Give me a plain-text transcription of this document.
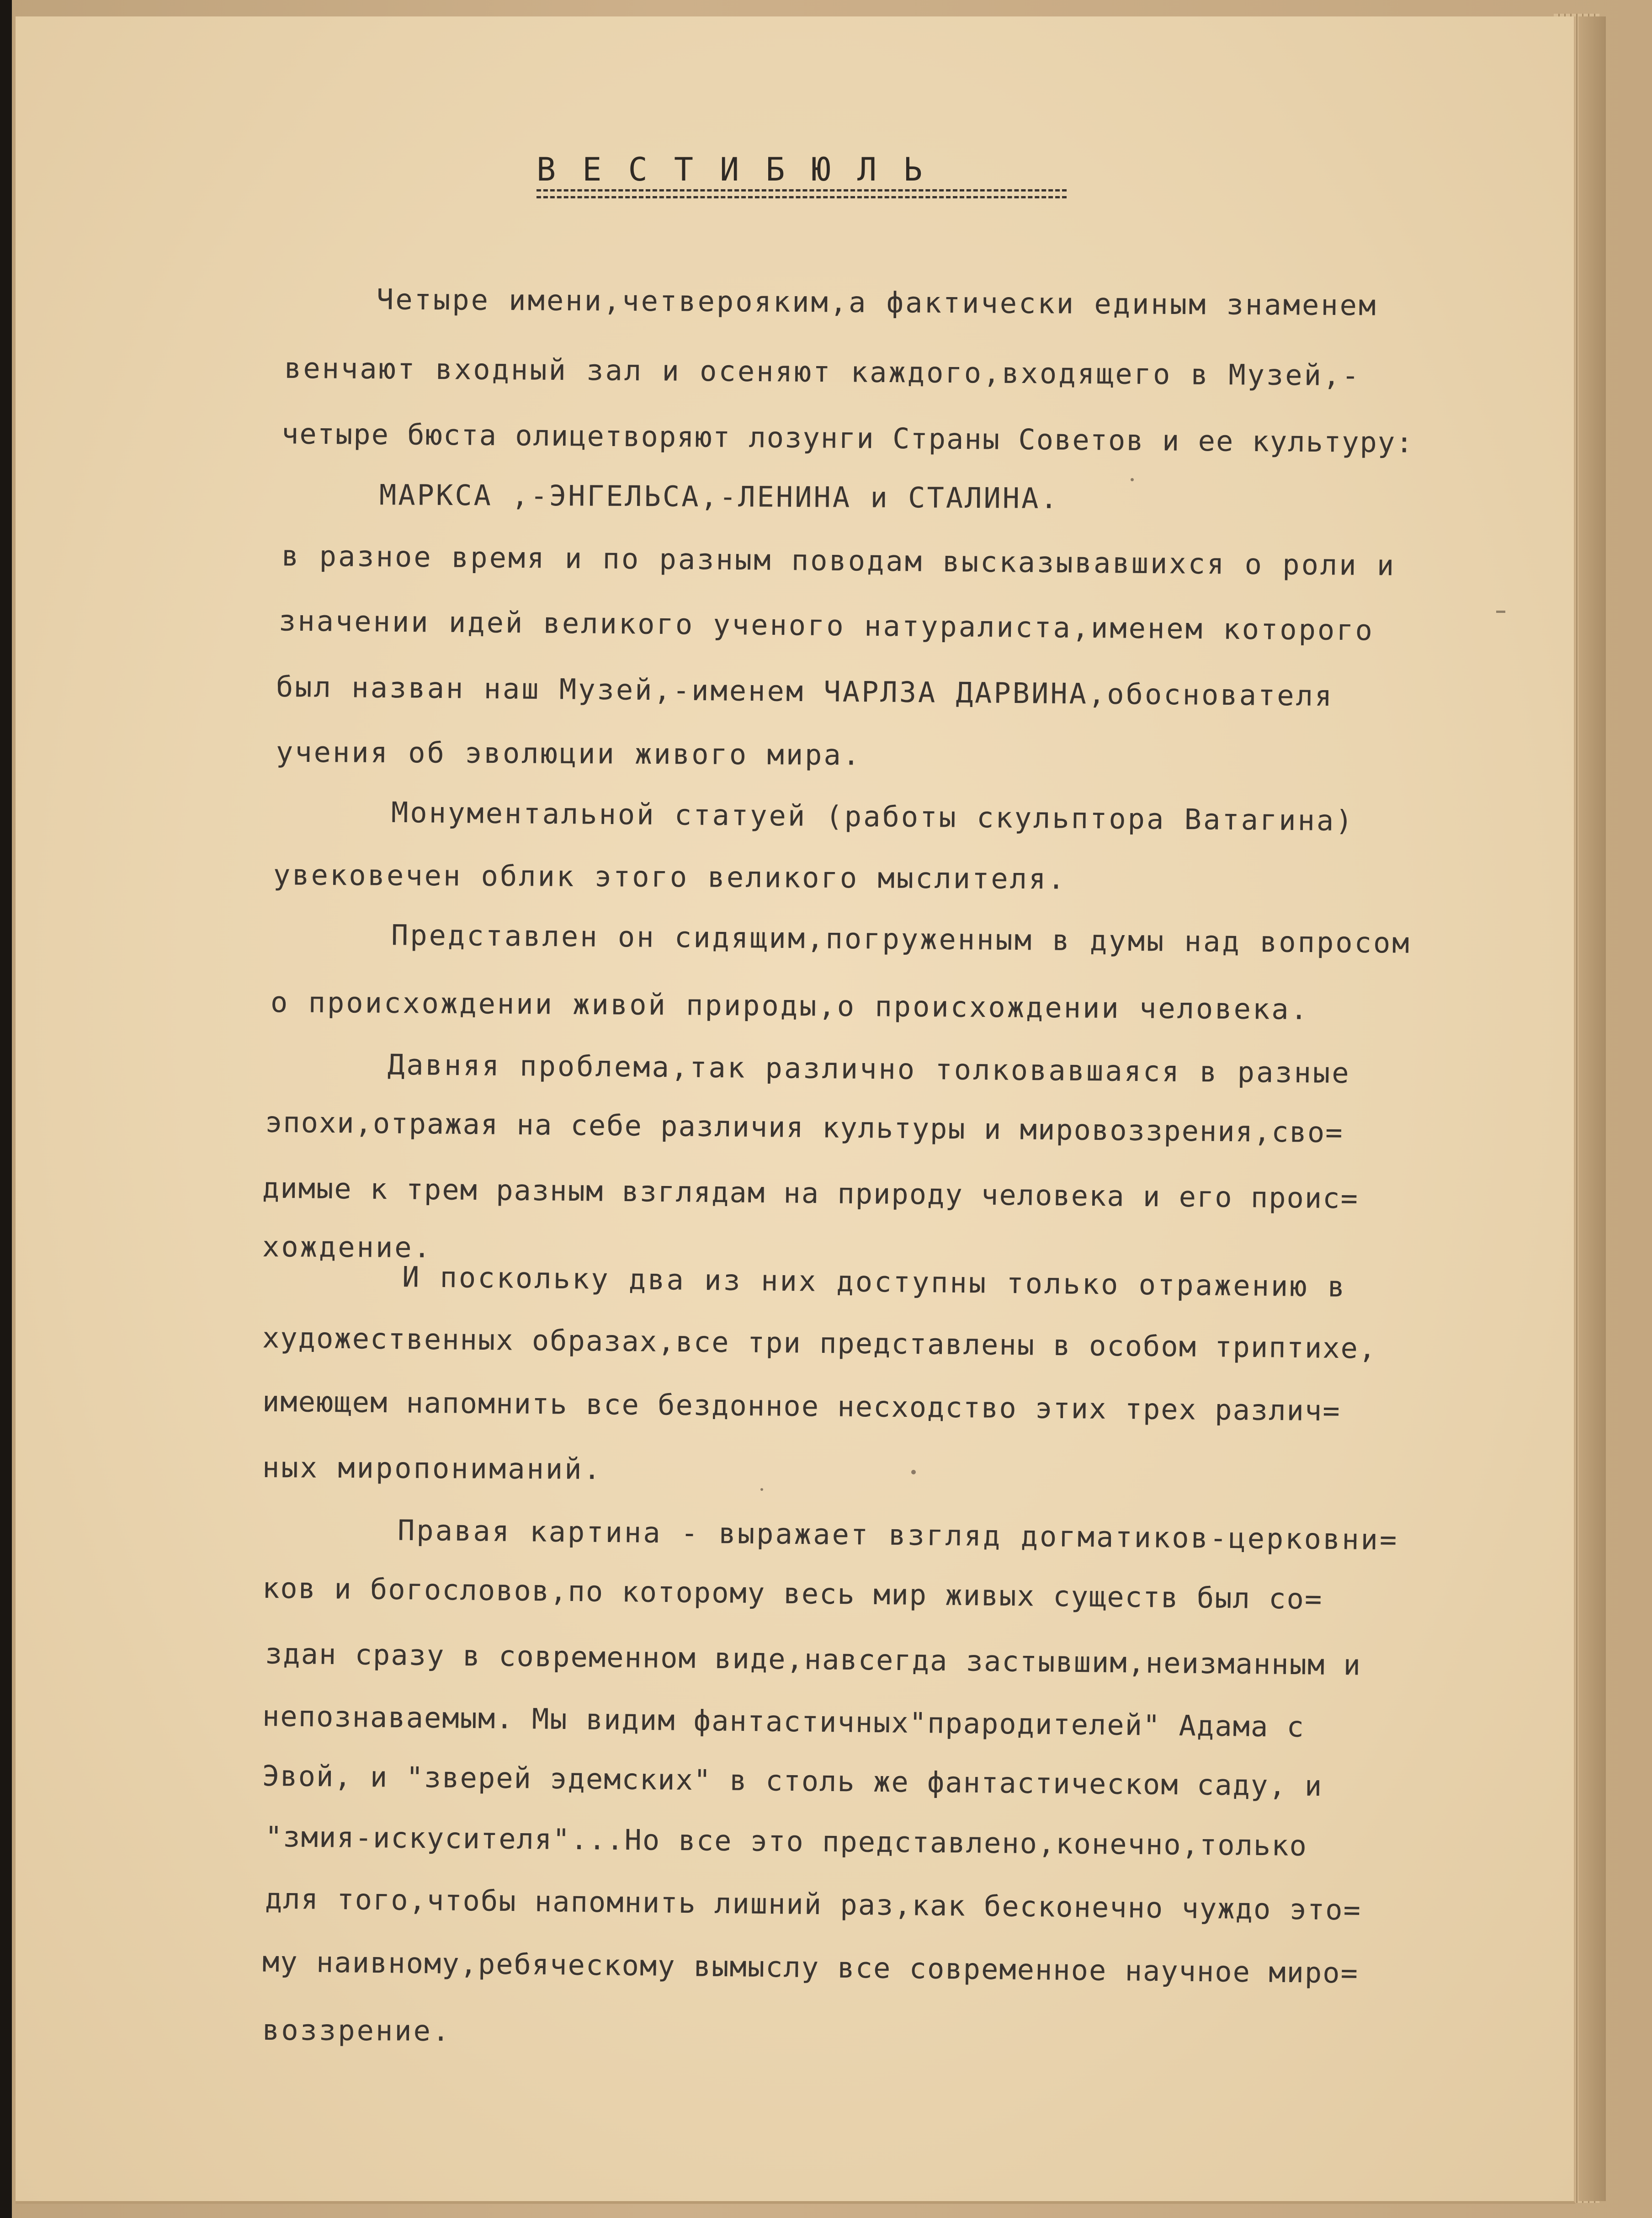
В Е С Т И Б Ю Л Ь
Четыре имени,четверояким,а фактически единым знаменем
венчают входный зал и осеняют каждого,входящего в Музей,-
четыре бюста олицетворяют лозунги Страны Советов и ее культуру:
МАРКСА ,-ЭНГЕЛЬСА,-ЛЕНИНА и СТАЛИНА.
в разное время и по разным поводам высказывавшихся о роли и
значении идей великого ученого натуралиста,именем которого
был назван наш Музей,-именем ЧАРЛЗА ДАРВИНА,обоснователя
учения об эволюции живого мира.
Монументальной статуей (работы скульптора Ватагина)
увековечен облик этого великого мыслителя.
Представлен он сидящим,погруженным в думы над вопросом
о происхождении живой природы,о происхождении человека.
Давняя проблема,так различно толковавшаяся в разные
эпохи,отражая на себе различия культуры и мировоззрения,сво=
димые к трем разным взглядам на природу человека и его проис=
хождение.
И поскольку два из них доступны только отражению в
художественных образах,все три представлены в особом триптихе,
имеющем напомнить все бездонное несходство этих трех различ=
ных миропониманий.
Правая картина - выражает взгляд догматиков-церковни=
ков и богословов,по которому весь мир живых существ был со=
здан сразу в современном виде,навсегда застывшим,неизманным и
непознаваемым. Мы видим фантастичных"прародителей" Адама с
Эвой, и "зверей эдемских" в столь же фантастическом саду, и
"змия-искусителя"...Но все это представлено,конечно,только
для того,чтобы напомнить лишний раз,как бесконечно чуждо это=
му наивному,ребяческому вымыслу все современное научное миро=
воззрение.
